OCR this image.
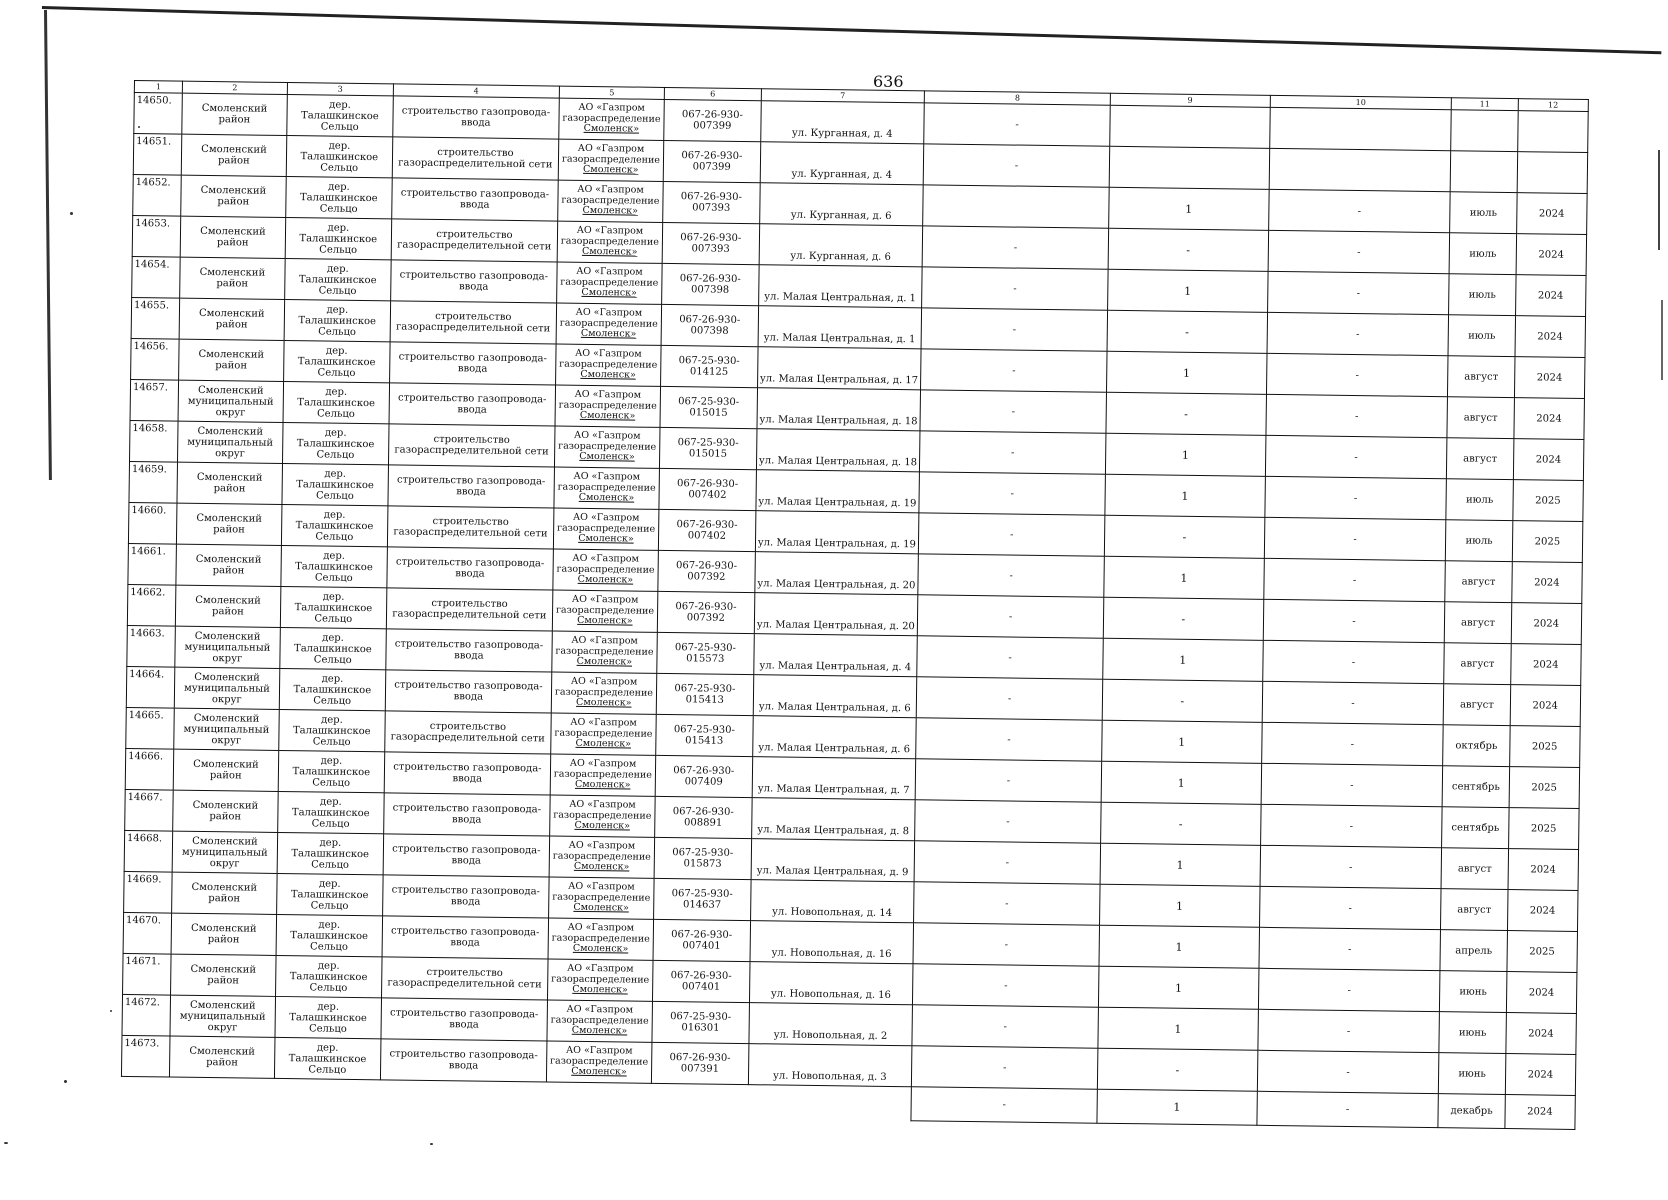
636
1	2	3	4	5	6	7	8	9	10	11	12
14650.	Смоленский район	дер. Талашкинское Сельцо	строительство газопровода-ввода	АО «Газпром
газораспределение
Смоленск»	067-26-930-007399	ул. Курганная, д. 4	-				
14651.	Смоленский район	дер. Талашкинское Сельцо	строительство газораспределительной сети	АО «Газпром
газораспределение
Смоленск»	067-26-930-007399	ул. Курганная, д. 4	-				
14652.	Смоленский район	дер. Талашкинское Сельцо	строительство газопровода-ввода	АО «Газпром
газораспределение
Смоленск»	067-26-930-007393	ул. Курганная, д. 6		1	-	июль	2024
14653.	Смоленский район	дер. Талашкинское Сельцо	строительство газораспределительной сети	АО «Газпром
газораспределение
Смоленск»	067-26-930-007393	ул. Курганная, д. 6	-	-	-	июль	2024
14654.	Смоленский район	дер. Талашкинское Сельцо	строительство газопровода-ввода	АО «Газпром
газораспределение
Смоленск»	067-26-930-007398	ул. Малая Центральная, д. 1	-	1	-	июль	2024
14655.	Смоленский район	дер. Талашкинское Сельцо	строительство газораспределительной сети	АО «Газпром
газораспределение
Смоленск»	067-26-930-007398	ул. Малая Центральная, д. 1	-	-	-	июль	2024
14656.	Смоленский район	дер. Талашкинское Сельцо	строительство газопровода-ввода	АО «Газпром
газораспределение
Смоленск»	067-25-930-014125	ул. Малая Центральная, д. 17	-	1	-	август	2024
14657.	Смоленский муниципальный округ	дер. Талашкинское Сельцо	строительство газопровода-ввода	АО «Газпром
газораспределение
Смоленск»	067-25-930-015015	ул. Малая Центральная, д. 18	-	-	-	август	2024
14658.	Смоленский муниципальный округ	дер. Талашкинское Сельцо	строительство газораспределительной сети	АО «Газпром
газораспределение
Смоленск»	067-25-930-015015	ул. Малая Центральная, д. 18	-	1	-	август	2024
14659.	Смоленский район	дер. Талашкинское Сельцо	строительство газопровода-ввода	АО «Газпром
газораспределение
Смоленск»	067-26-930-007402	ул. Малая Центральная, д. 19	-	1	-	июль	2025
14660.	Смоленский район	дер. Талашкинское Сельцо	строительство газораспределительной сети	АО «Газпром
газораспределение
Смоленск»	067-26-930-007402	ул. Малая Центральная, д. 19	-	-	-	июль	2025
14661.	Смоленский район	дер. Талашкинское Сельцо	строительство газопровода-ввода	АО «Газпром
газораспределение
Смоленск»	067-26-930-007392	ул. Малая Центральная, д. 20	-	1	-	август	2024
14662.	Смоленский район	дер. Талашкинское Сельцо	строительство газораспределительной сети	АО «Газпром
газораспределение
Смоленск»	067-26-930-007392	ул. Малая Центральная, д. 20	-	-	-	август	2024
14663.	Смоленский муниципальный округ	дер. Талашкинское Сельцо	строительство газопровода-ввода	АО «Газпром
газораспределение
Смоленск»	067-25-930-015573	ул. Малая Центральная, д. 4	-	1	-	август	2024
14664.	Смоленский муниципальный округ	дер. Талашкинское Сельцо	строительство газопровода-ввода	АО «Газпром
газораспределение
Смоленск»	067-25-930-015413	ул. Малая Центральная, д. 6	-	-	-	август	2024
14665.	Смоленский муниципальный округ	дер. Талашкинское Сельцо	строительство газораспределительной сети	АО «Газпром
газораспределение
Смоленск»	067-25-930-015413	ул. Малая Центральная, д. 6	-	1	-	октябрь	2025
14666.	Смоленский район	дер. Талашкинское Сельцо	строительство газопровода-ввода	АО «Газпром
газораспределение
Смоленск»	067-26-930-007409	ул. Малая Центральная, д. 7	-	1	-	сентябрь	2025
14667.	Смоленский район	дер. Талашкинское Сельцо	строительство газопровода-ввода	АО «Газпром
газораспределение
Смоленск»	067-26-930-008891	ул. Малая Центральная, д. 8	-	-	-	сентябрь	2025
14668.	Смоленский муниципальный округ	дер. Талашкинское Сельцо	строительство газопровода-ввода	АО «Газпром
газораспределение
Смоленск»	067-25-930-015873	ул. Малая Центральная, д. 9	-	1	-	август	2024
14669.	Смоленский район	дер. Талашкинское Сельцо	строительство газопровода-ввода	АО «Газпром
газораспределение
Смоленск»	067-25-930-014637	ул. Новопольная, д. 14	-	1	-	август	2024
14670.	Смоленский район	дер. Талашкинское Сельцо	строительство газопровода-ввода	АО «Газпром
газораспределение
Смоленск»	067-26-930-007401	ул. Новопольная, д. 16	-	1	-	апрель	2025
14671.	Смоленский район	дер. Талашкинское Сельцо	строительство газораспределительной сети	АО «Газпром
газораспределение
Смоленск»	067-26-930-007401	ул. Новопольная, д. 16	-	1	-	июнь	2024
14672.	Смоленский муниципальный округ	дер. Талашкинское Сельцо	строительство газопровода-ввода	АО «Газпром
газораспределение
Смоленск»	067-25-930-016301	ул. Новопольная, д. 2	-	1	-	июнь	2024
14673.	Смоленский район	дер. Талашкинское Сельцо	строительство газопровода-ввода	АО «Газпром
газораспределение
Смоленск»	067-26-930-007391	ул. Новопольная, д. 3	-	-	-	июнь	2024
							-	1	-	декабрь	2024
